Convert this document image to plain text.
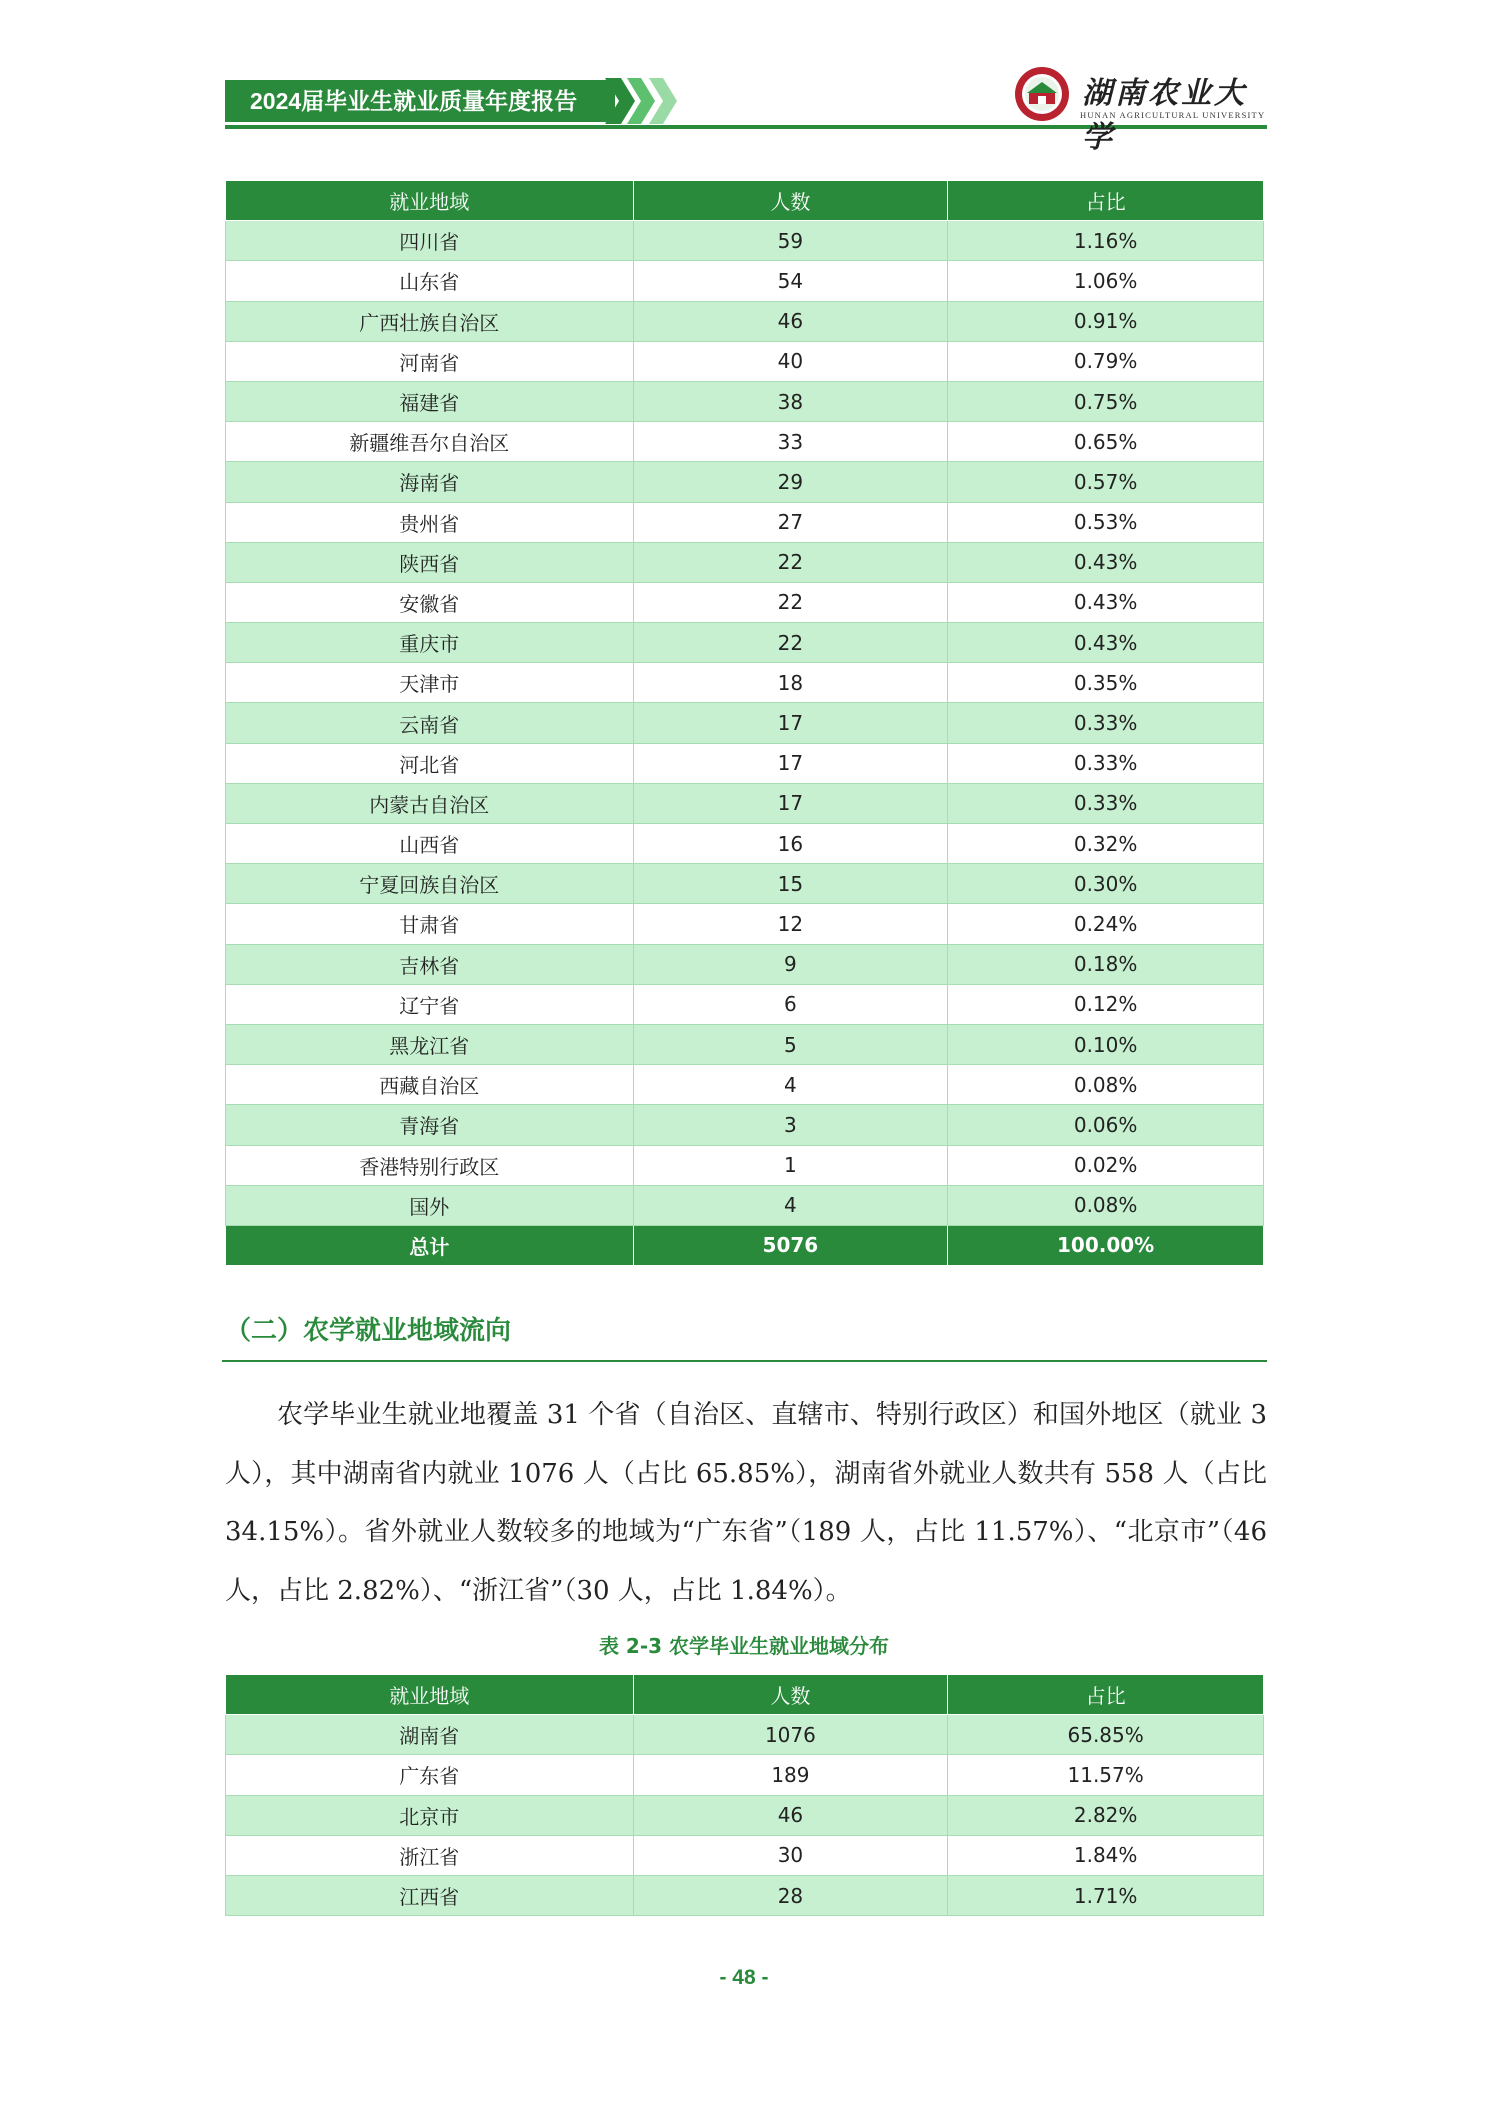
2024届毕业生就业质量年度报告	湖南农业大学
HUNAN AGRICULTURAL UNIVERSITY
就业地域	人数	占比
四川省	59	1.16%
山东省	54	1.06%
广西壮族自治区	46	0.91%
河南省	40	0.79%
福建省	38	0.75%
新疆维吾尔自治区	33	0.65%
海南省	29	0.57%
贵州省	27	0.53%
陕西省	22	0.43%
安徽省	22	0.43%
重庆市	22	0.43%
天津市	18	0.35%
云南省	17	0.33%
河北省	17	0.33%
内蒙古自治区	17	0.33%
山西省	16	0.32%
宁夏回族自治区	15	0.30%
甘肃省	12	0.24%
吉林省	9	0.18%
辽宁省	6	0.12%
黑龙江省	5	0.10%
西藏自治区	4	0.08%
青海省	3	0.06%
香港特别行政区	1	0.02%
国外	4	0.08%
总计	5076	100.00%
（二）农学就业地域流向

农学毕业生就业地覆盖 31 个省（自治区、直辖市、特别行政区）和国外地区（就业 3 人），其中湖南省内就业 1076 人（占比 65.85%），湖南省外就业人数共有 558 人（占比 34.15%）。省外就业人数较多的地域为“广东省”（189 人，占比 11.57%）、“北京市”（46 人，占比 2.82%）、“浙江省”（30 人，占比 1.84%）。

表 2-3 农学毕业生就业地域分布
就业地域	人数	占比
湖南省	1076	65.85%
广东省	189	11.57%
北京市	46	2.82%
浙江省	30	1.84%
江西省	28	1.71%
- 48 -
